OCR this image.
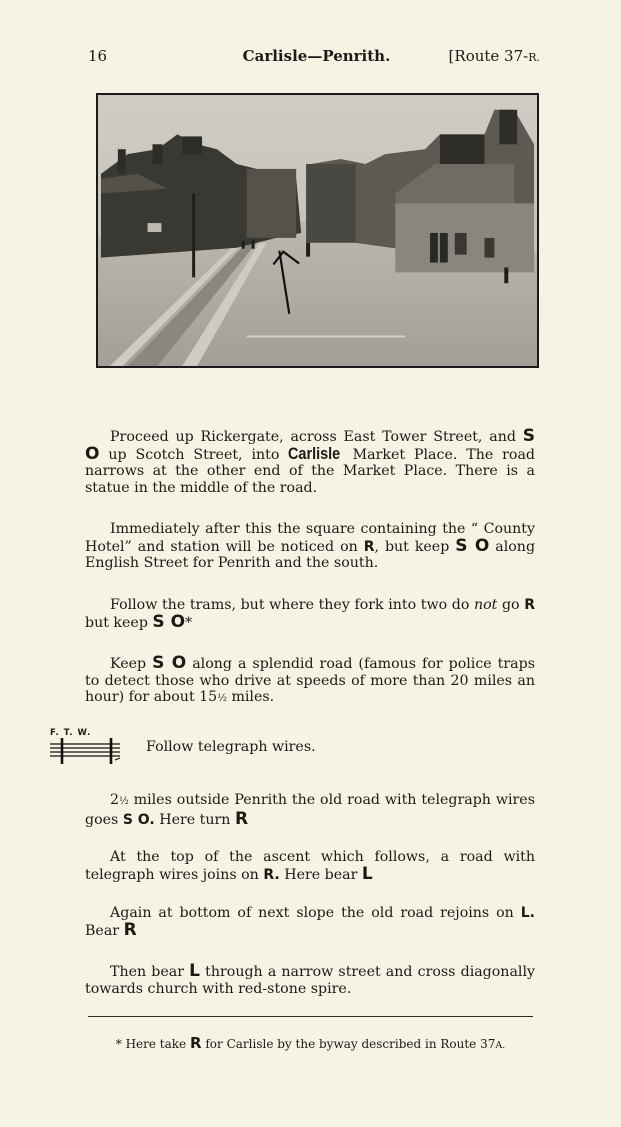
16	Carlisle—Penrith.	[Route 37-R.
Proceed up Rickergate, across East Tower Street, and S O up Scotch Street, into Carlisle Market Place. The road narrows at the other end of the Market Place. There is a statue in the middle of the road.
Immediately after this the square containing the “ County Hotel” and station will be noticed on R, but keep S O along English Street for Penrith and the south.
Follow the trams, but where they fork into two do not go R but keep S O*
Keep S O along a splendid road (famous for police traps to detect those who drive at speeds of more than 20 miles an hour) for about 15½ miles.
F. T. W.
Follow telegraph wires.
2½ miles outside Penrith the old road with telegraph wires goes S O. Here turn R
At the top of the ascent which follows, a road with telegraph wires joins on R. Here bear L
Again at bottom of next slope the old road rejoins on L. Bear R
Then bear L through a narrow street and cross diagonally towards church with red-stone spire.
* Here take R for Carlisle by the byway described in Route 37A.
